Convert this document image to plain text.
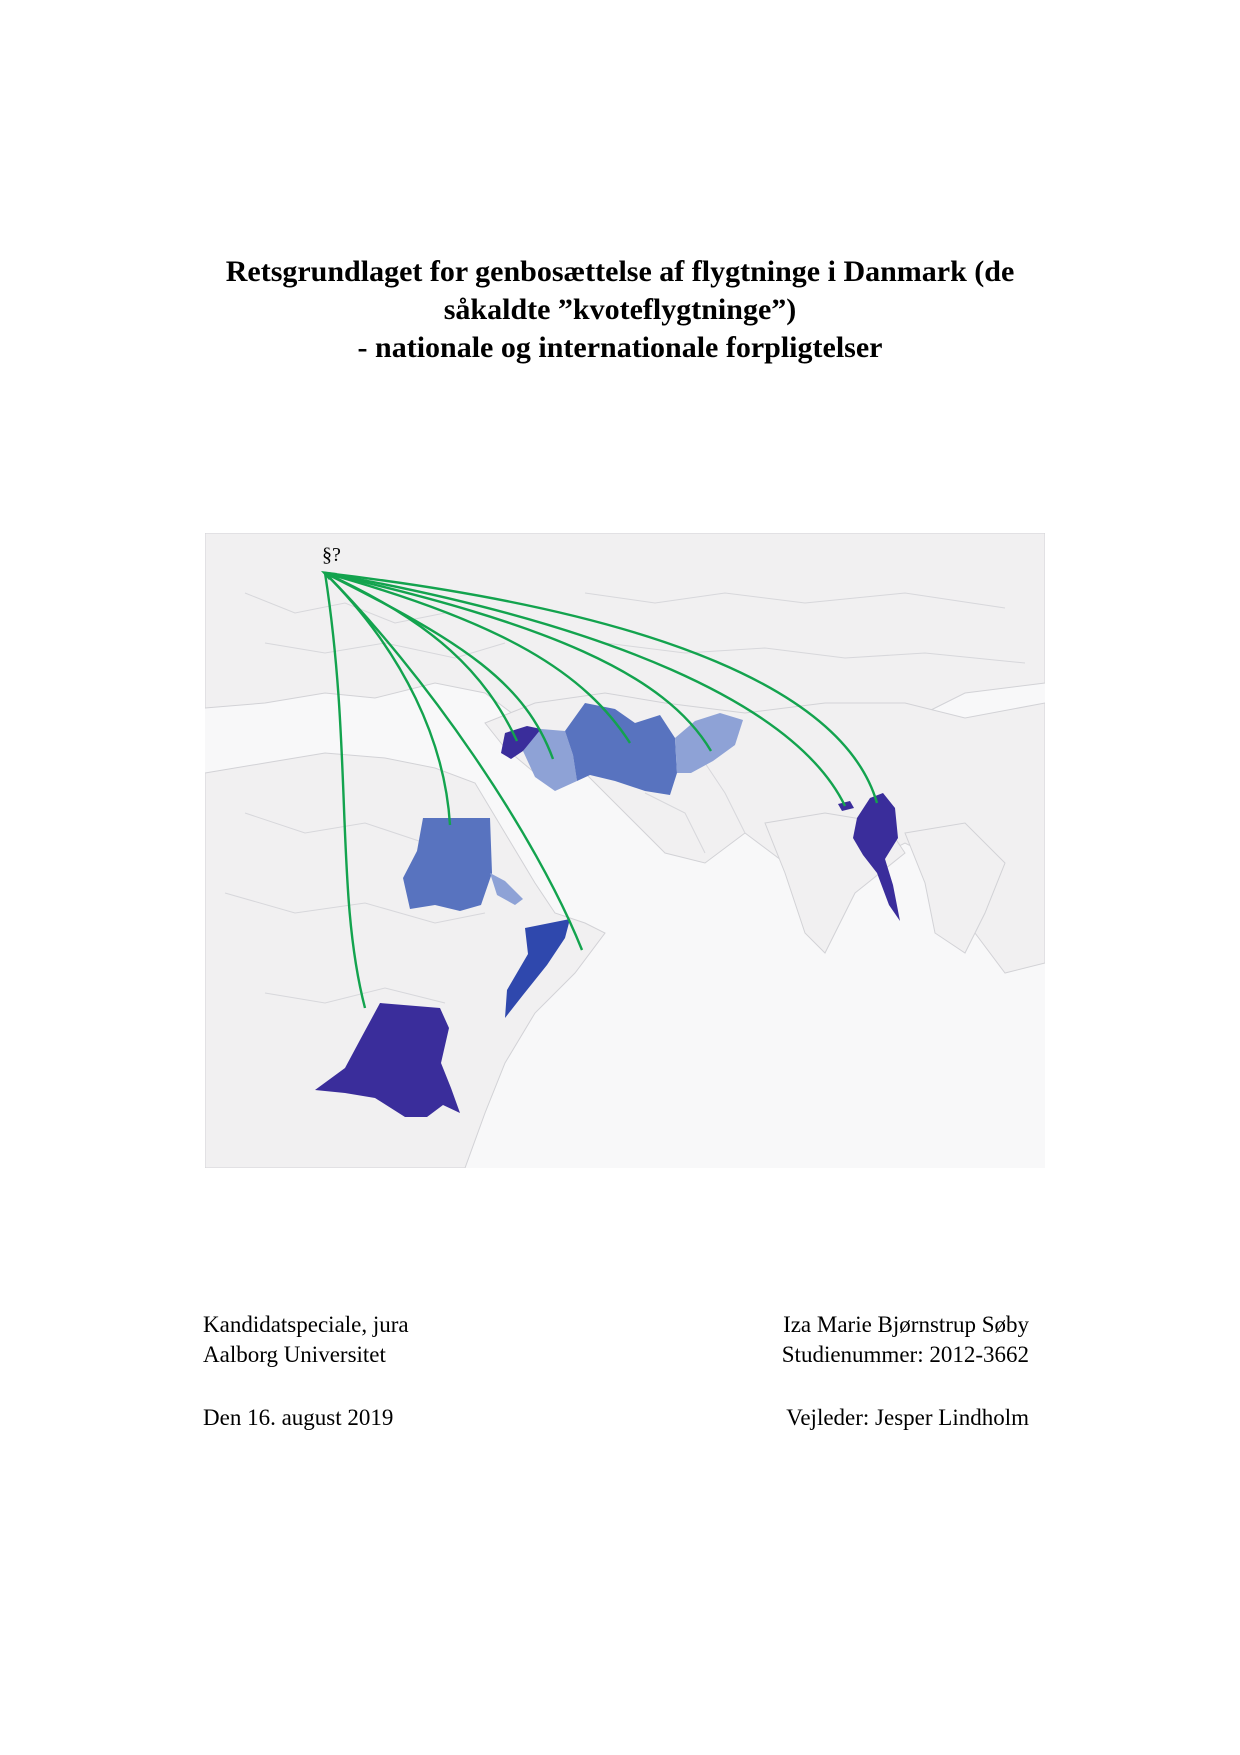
Retsgrundlaget for genbosættelse af flygtninge i Danmark (de
såkaldte ”kvoteflygtninge”)
- nationale og internationale forpligtelser
§?
Kandidatspeciale, jura
Aalborg Universitet
Den 16. august 2019
Iza Marie Bjørnstrup Søby
Studienummer: 2012-3662
Vejleder: Jesper Lindholm
